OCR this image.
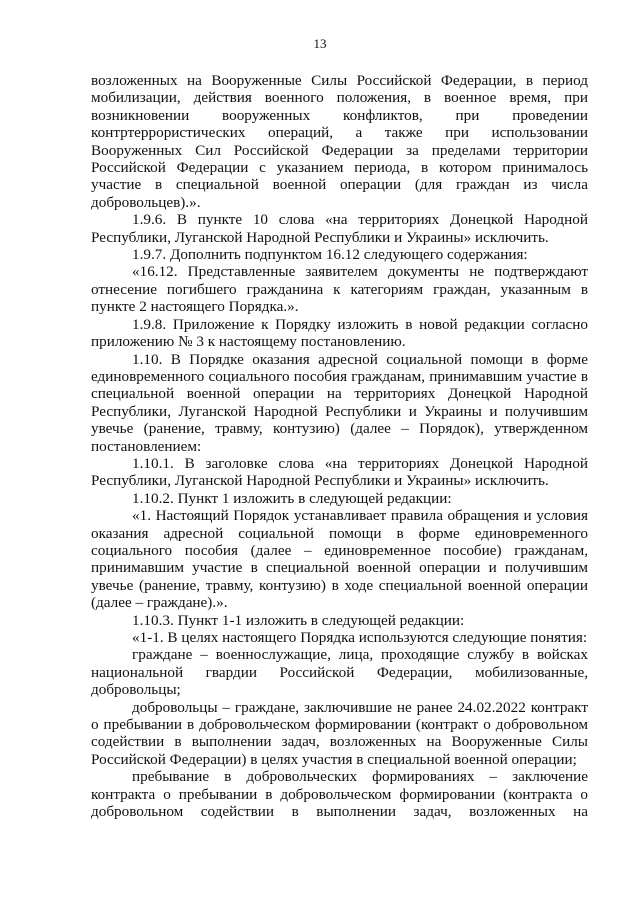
13

возложенных на Вооруженные Силы Российской Федерации, в период мобилизации, действия военного положения, в военное время, при возникновении вооруженных конфликтов, при проведении контртеррористических операций, а также при использовании Вооруженных Сил Российской Федерации за пределами территории Российской Федерации с указанием периода, в котором принималось участие в специальной военной операции (для граждан из числа добровольцев).».

1.9.6. В пункте 10 слова «на территориях Донецкой Народной Республики, Луганской Народной Республики и Украины» исключить.

1.9.7. Дополнить подпунктом 16.12 следующего содержания:

«16.12. Представленные заявителем документы не подтверждают отнесение погибшего гражданина к категориям граждан, указанным в пункте 2 настоящего Порядка.».

1.9.8. Приложение к Порядку изложить в новой редакции согласно приложению № 3 к настоящему постановлению.

1.10. В Порядке оказания адресной социальной помощи в форме единовременного социального пособия гражданам, принимавшим участие в специальной военной операции на территориях Донецкой Народной Республики, Луганской Народной Республики и Украины и получившим увечье (ранение, травму, контузию) (далее – Порядок), утвержденном постановлением:

1.10.1. В заголовке слова «на территориях Донецкой Народной Республики, Луганской Народной Республики и Украины» исключить.

1.10.2. Пункт 1 изложить в следующей редакции:

«1. Настоящий Порядок устанавливает правила обращения и условия оказания адресной социальной помощи в форме единовременного социального пособия (далее – единовременное пособие) гражданам, принимавшим участие в специальной военной операции и получившим увечье (ранение, травму, контузию) в ходе специальной военной операции (далее – граждане).».

1.10.3. Пункт 1-1 изложить в следующей редакции:

«1-1. В целях настоящего Порядка используются следующие понятия:

граждане – военнослужащие, лица, проходящие службу в войсках национальной гвардии Российской Федерации, мобилизованные, добровольцы;

добровольцы – граждане, заключившие не ранее 24.02.2022 контракт о пребывании в добровольческом формировании (контракт о добровольном содействии в выполнении задач, возложенных на Вооруженные Силы Российской Федерации) в целях участия в специальной военной операции;

пребывание в добровольческих формированиях – заключение контракта о пребывании в добровольческом формировании (контракта о добровольном содействии в выполнении задач, возложенных на
